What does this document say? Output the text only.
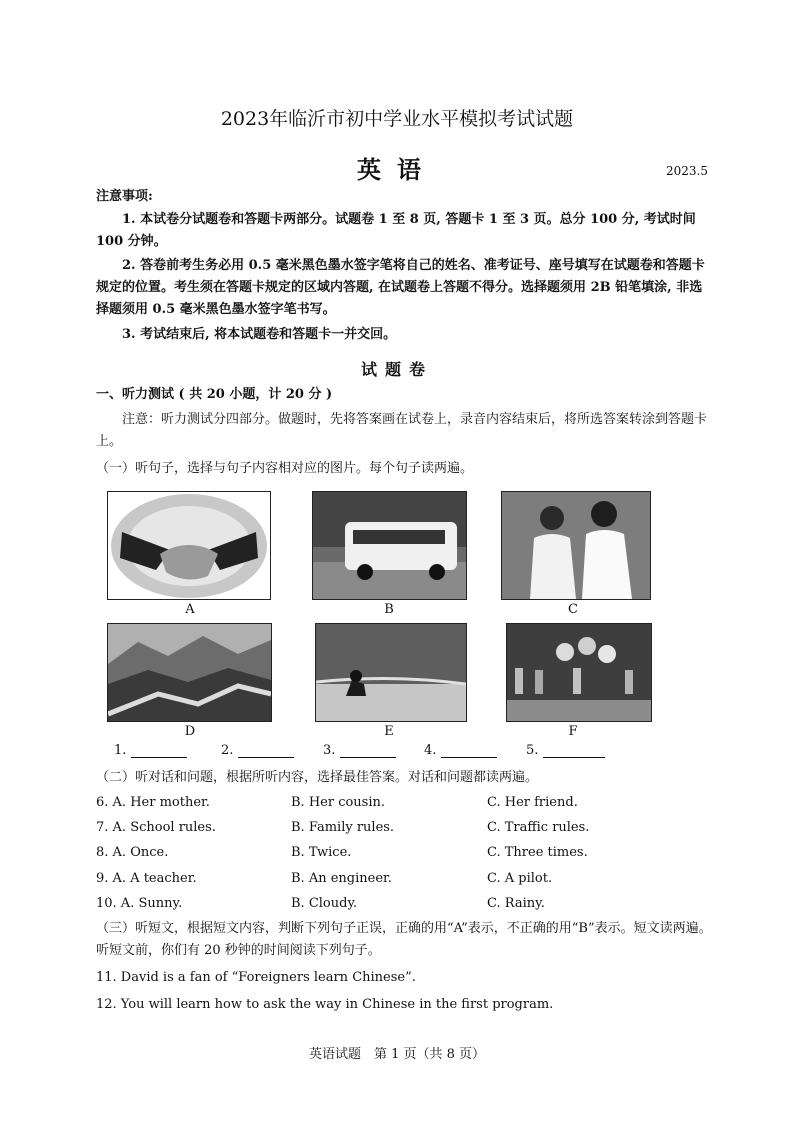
2023年临沂市初中学业水平模拟考试试题
英语	2023.5
注意事项:
1. 本试卷分试题卷和答题卡两部分。试题卷 1 至 8 页, 答题卡 1 至 3 页。总分 100 分, 考试时间 100 分钟。
2. 答卷前考生务必用 0.5 毫米黑色墨水签字笔将自己的姓名、准考证号、座号填写在试题卷和答题卡规定的位置。考生须在答题卡规定的区域内答题, 在试题卷上答题不得分。选择题须用 2B 铅笔填涂, 非选择题须用 0.5 毫米黑色墨水签字笔书写。
3. 考试结束后, 将本试题卷和答题卡一并交回。
试题卷
一、听力测试 ( 共 20 小题，计 20 分 )
注意：听力测试分四部分。做题时，先将答案画在试卷上，录音内容结束后，将所选答案转涂到答题卡上。
（一）听句子，选择与句子内容相对应的图片。每个句子读两遍。
A	B	C
D	E	F
1.	2.	3.	4.	5.
（二）听对话和问题，根据所听内容，选择最佳答案。对话和问题都读两遍。
6. A. Her mother.	B. Her cousin.	C. Her friend.
7. A. School rules.	B. Family rules.	C. Traffic rules.
8. A. Once.	B. Twice.	C. Three times.
9. A. A teacher.	B. An engineer.	C. A pilot.
10. A. Sunny.	B. Cloudy.	C. Rainy.
（三）听短文，根据短文内容，判断下列句子正误，正确的用“A”表示，不正确的用“B”表示。短文读两遍。听短文前，你们有 20 秒钟的时间阅读下列句子。
11. David is a fan of “Foreigners learn Chinese”.
12. You will learn how to ask the way in Chinese in the first program.
英语试题　第 1 页（共 8 页）
